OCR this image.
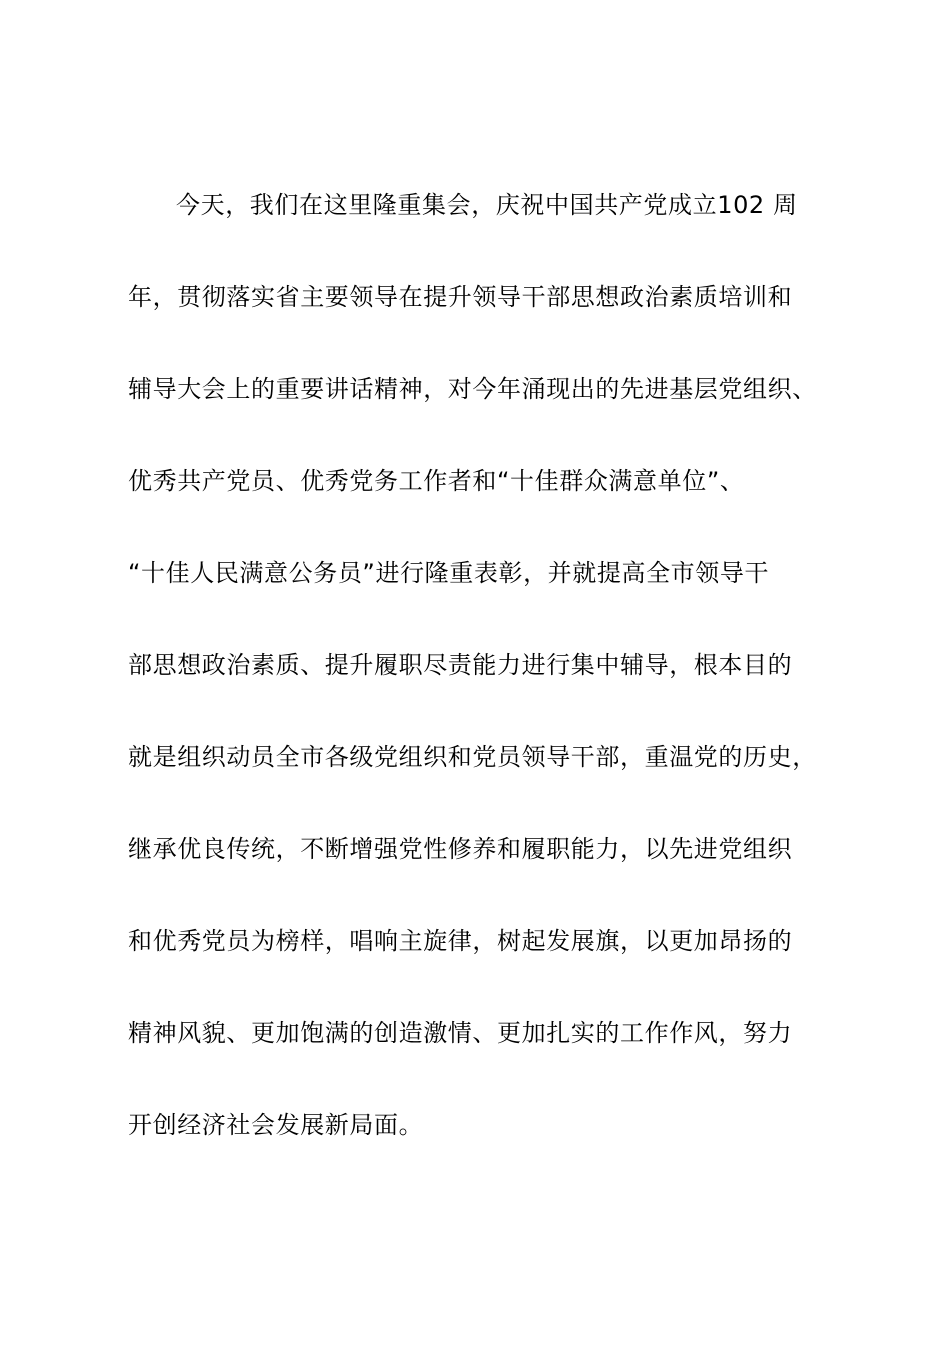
今天，我们在这里隆重集会，庆祝中国共产党成立102 周
年，贯彻落实省主要领导在提升领导干部思想政治素质培训和
辅导大会上的重要讲话精神，对今年涌现出的先进基层党组织、
优秀共产党员、优秀党务工作者和“十佳群众满意单位”、
“十佳人民满意公务员”进行隆重表彰，并就提高全市领导干
部思想政治素质、提升履职尽责能力进行集中辅导，根本目的
就是组织动员全市各级党组织和党员领导干部，重温党的历史，
继承优良传统，不断增强党性修养和履职能力，以先进党组织
和优秀党员为榜样，唱响主旋律，树起发展旗，以更加昂扬的
精神风貌、更加饱满的创造激情、更加扎实的工作作风，努力
开创经济社会发展新局面。
